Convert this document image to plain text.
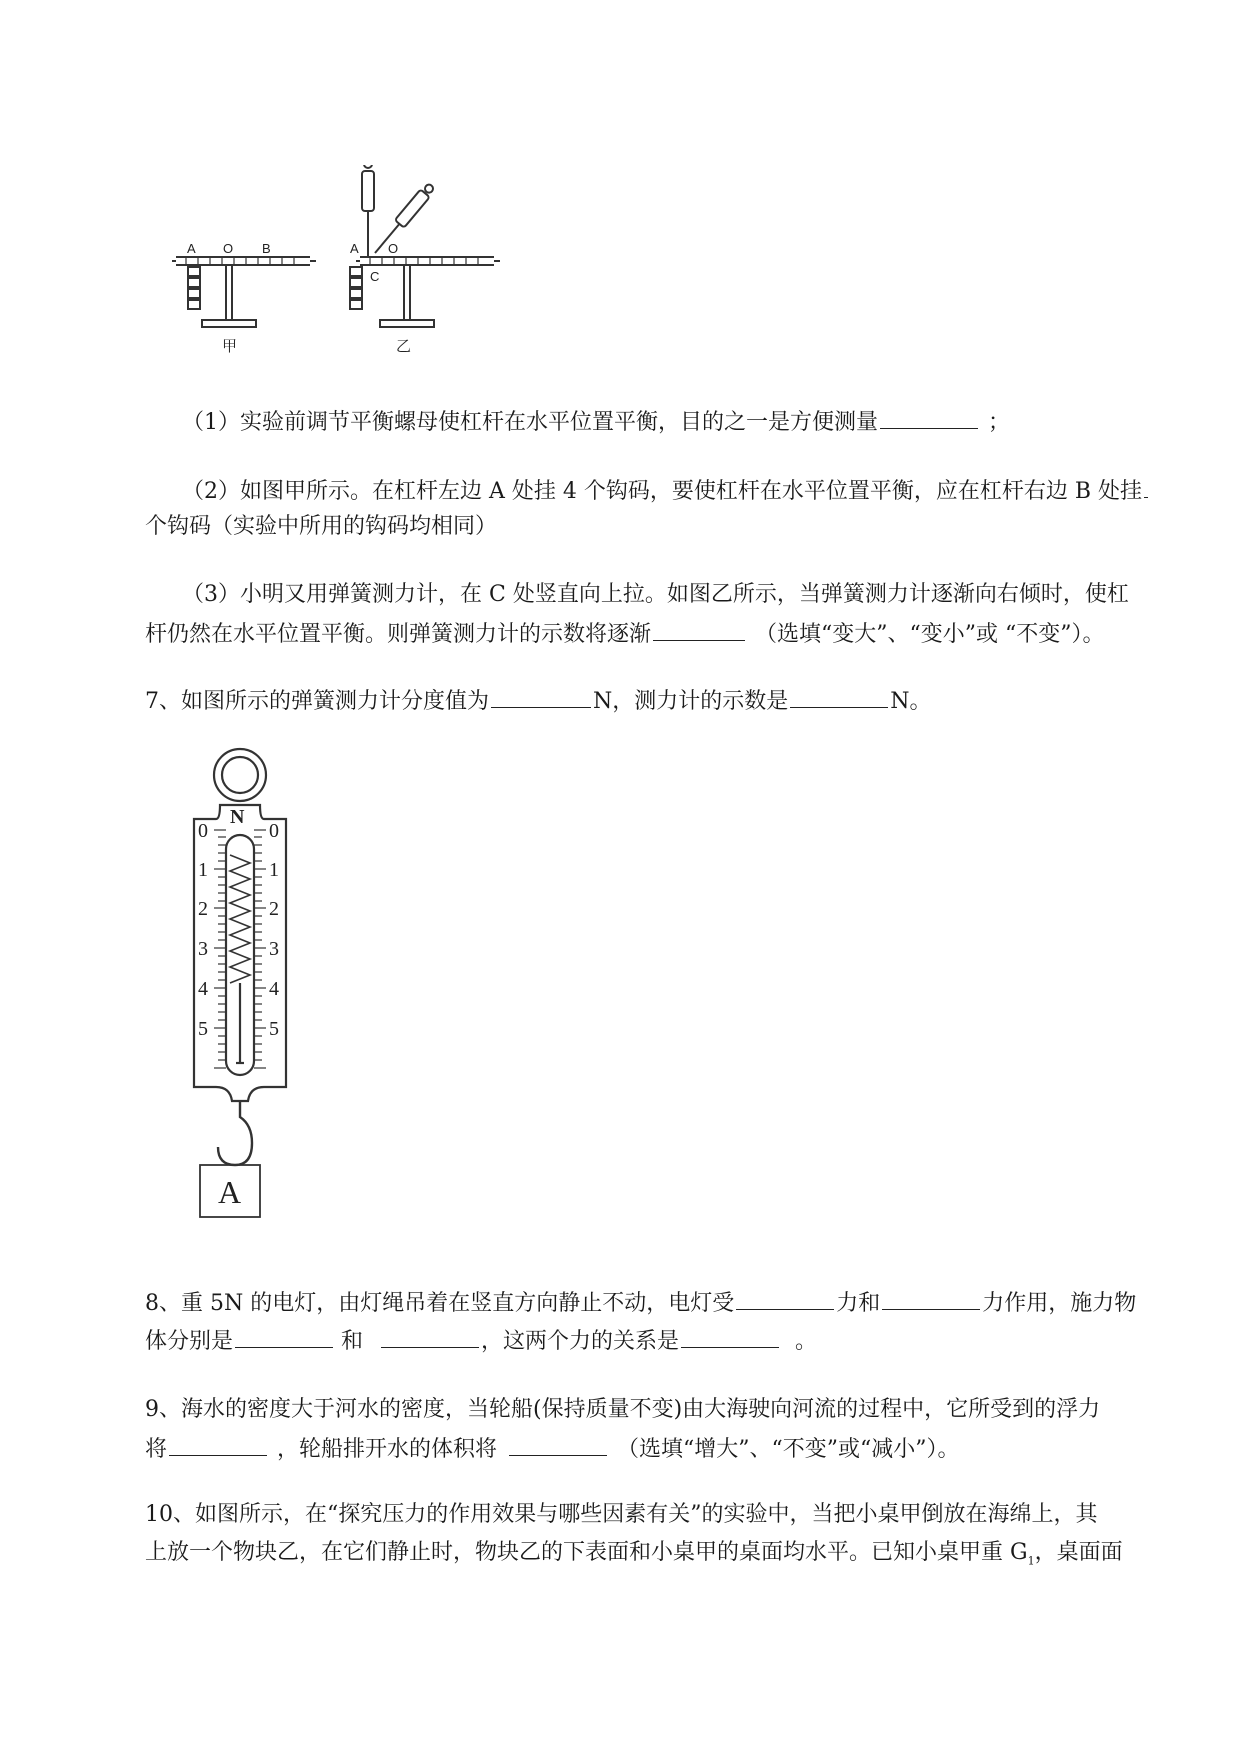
A O B
甲
A
C
O
乙
（1）实验前调节平衡螺母使杠杆在水平位置平衡，目的之一是方便测量	；
（2）如图甲所示。在杠杆左边 A 处挂 4 个钩码，要使杠杆在水平位置平衡，应在杠杆右边 B 处挂
个钩码（实验中所用的钩码均相同）
（3）小明又用弹簧测力计，在 C 处竖直向上拉。如图乙所示，当弹簧测力计逐渐向右倾时，使杠
杆仍然在水平位置平衡。则弹簧测力计的示数将逐渐	（选填“变大”、“变小”或 “不变”）。
7、如图所示的弹簧测力计分度值为	N，测力计的示数是	N。
N
0
1
2
3
4
5
0
1
2
3
4
5
A
8、重 5N 的电灯，由灯绳吊着在竖直方向静止不动，电灯受	力和	力作用，施力物
体分别是	和	，这两个力的关系是	。
9、海水的密度大于河水的密度，当轮船(保持质量不变)由大海驶向河流的过程中，它所受到的浮力
将	，轮船排开水的体积将	（选填“增大”、“不变”或“减小”）。
10、如图所示，在“探究压力的作用效果与哪些因素有关”的实验中，当把小桌甲倒放在海绵上，其
上放一个物块乙，在它们静止时，物块乙的下表面和小桌甲的桌面均水平。已知小桌甲重 $G_1$，桌面面
